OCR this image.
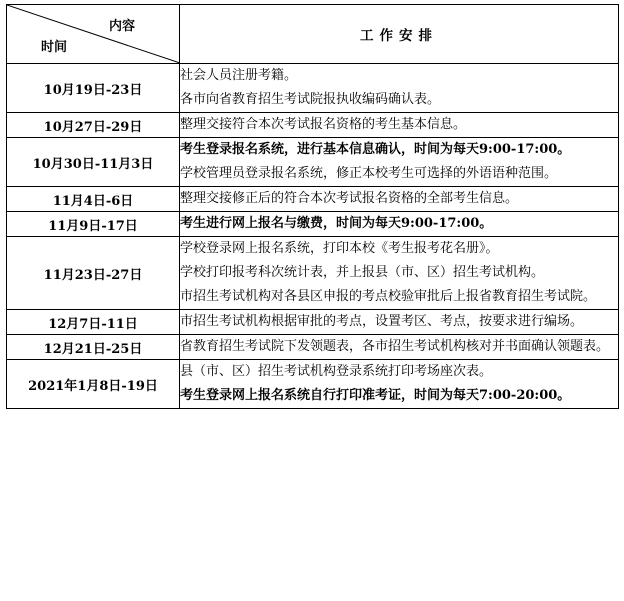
内容
时间	工作安排
10月19日-23日	社会人员注册考籍。
各市向省教育招生考试院报执收编码确认表。

10月27日-29日	整理交接符合本次考试报名资格的考生基本信息。

10月30日-11月3日	考生登录报名系统，进行基本信息确认，时间为每天9:00-17:00。
学校管理员登录报名系统，修正本校考生可选择的外语语种范围。

11月4日-6日	整理交接修正后的符合本次考试报名资格的全部考生信息。

11月9日-17日	考生进行网上报名与缴费，时间为每天9:00-17:00。

11月23日-27日	学校登录网上报名系统，打印本校《考生报考花名册》。
学校打印报考科次统计表，并上报县（市、区）招生考试机构。
市招生考试机构对各县区申报的考点校验审批后上报省教育招生考试院。

12月7日-11日	市招生考试机构根据审批的考点，设置考区、考点，按要求进行编场。

12月21日-25日	省教育招生考试院下发领题表，各市招生考试机构核对并书面确认领题表。

2021年1月8日-19日	县（市、区）招生考试机构登录系统打印考场座次表。
考生登录网上报名系统自行打印准考证，时间为每天7:00-20:00。
